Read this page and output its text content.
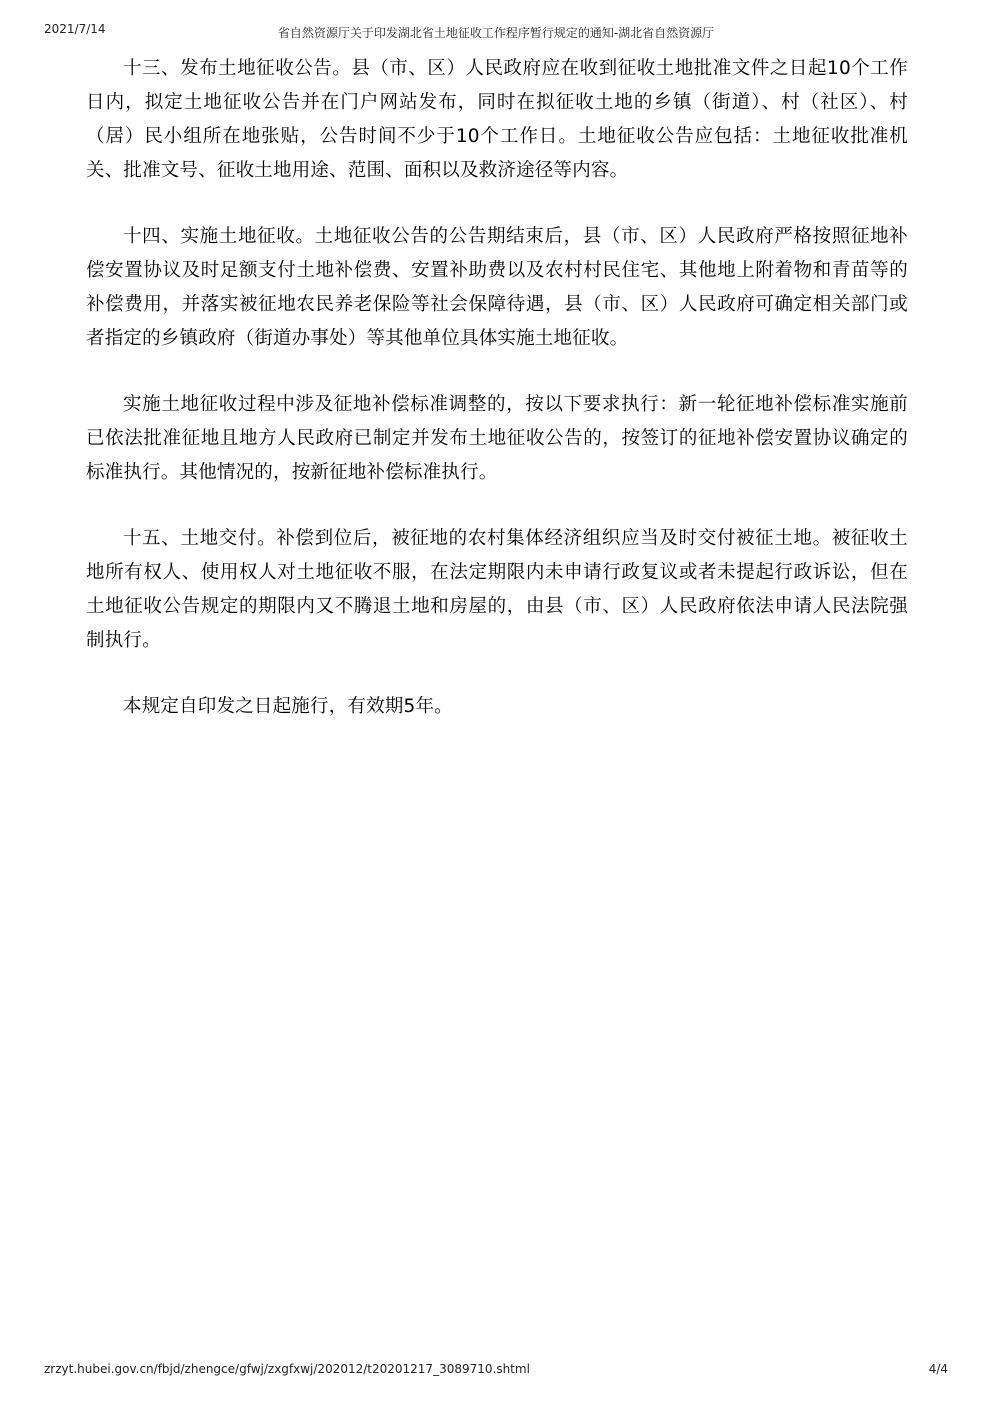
2021/7/14	省自然资源厅关于印发湖北省土地征收工作程序暂行规定的通知-湖北省自然资源厅

十三、发布土地征收公告。县（市、区）人民政府应在收到征收土地批准文件之日起10个工作日内，拟定土地征收公告并在门户网站发布，同时在拟征收土地的乡镇（街道）、村（社区）、村（居）民小组所在地张贴，公告时间不少于10个工作日。土地征收公告应包括：土地征收批准机关、批准文号、征收土地用途、范围、面积以及救济途径等内容。

十四、实施土地征收。土地征收公告的公告期结束后，县（市、区）人民政府严格按照征地补偿安置协议及时足额支付土地补偿费、安置补助费以及农村村民住宅、其他地上附着物和青苗等的补偿费用，并落实被征地农民养老保险等社会保障待遇，县（市、区）人民政府可确定相关部门或者指定的乡镇政府（街道办事处）等其他单位具体实施土地征收。

实施土地征收过程中涉及征地补偿标准调整的，按以下要求执行：新一轮征地补偿标准实施前已依法批准征地且地方人民政府已制定并发布土地征收公告的，按签订的征地补偿安置协议确定的标准执行。其他情况的，按新征地补偿标准执行。

十五、土地交付。补偿到位后，被征地的农村集体经济组织应当及时交付被征土地。被征收土地所有权人、使用权人对土地征收不服，在法定期限内未申请行政复议或者未提起行政诉讼，但在土地征收公告规定的期限内又不腾退土地和房屋的，由县（市、区）人民政府依法申请人民法院强制执行。

本规定自印发之日起施行，有效期5年。

zrzyt.hubei.gov.cn/fbjd/zhengce/gfwj/zxgfxwj/202012/t20201217_3089710.shtml	4/4
